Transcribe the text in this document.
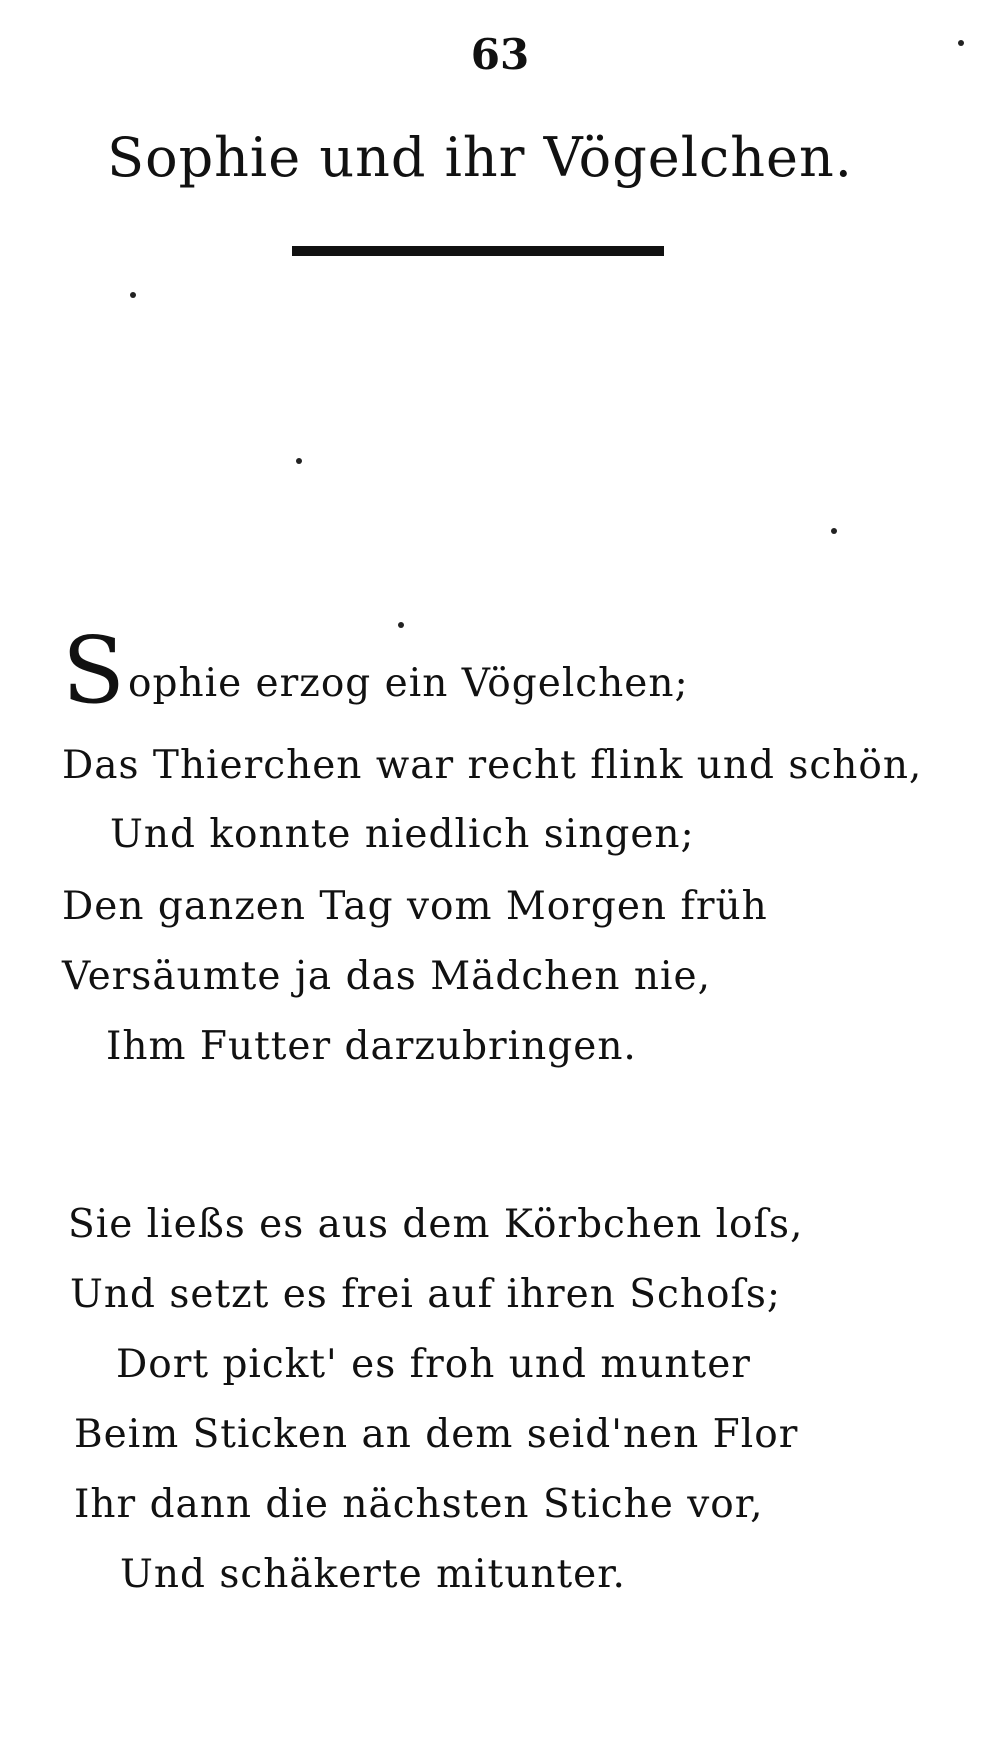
63
Sophie und ihr Vögelchen.
Sophie erzog ein Vögelchen;
Das Thierchen war recht flink und schön,
Und konnte niedlich singen;
Den ganzen Tag vom Morgen früh
Versäumte ja das Mädchen nie,
Ihm Futter darzubringen.
Sie ließs es aus dem Körbchen loſs,
Und setzt es frei auf ihren Schoſs;
Dort pickt' es froh und munter
Beim Sticken an dem seid'nen Flor
Ihr dann die nächsten Stiche vor,
Und schäkerte mitunter.
